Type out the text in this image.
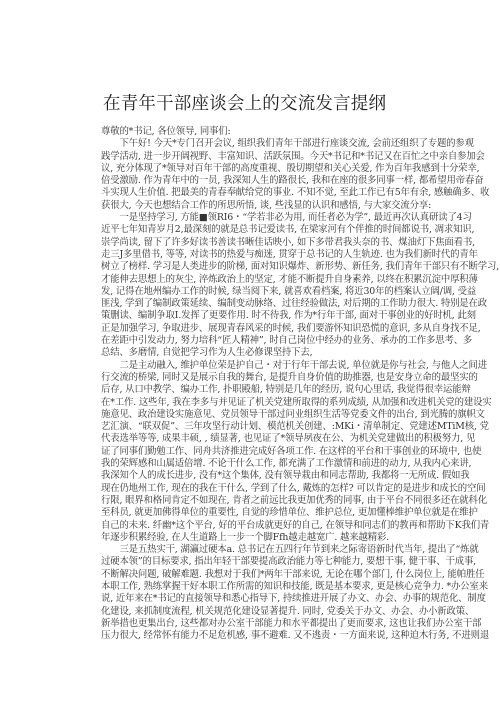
在青年干部座谈会上的交流发言提纲
尊敬的*书记, 各位领导, 同事们:
　　下午好! 今天*专门召开会议, 组织我们青年干部进行座谈交流, 会前还组织了专题的参观
践学活动, 进一步开阔视野、丰富知识、活跃氛围。今天*书记和*书记又在百忙之中亲自参加会
议, 充分体现了*领导对百年干部的高度重视、殷切期望和关心关爱, 作为百年我感到十分荣幸,
倍受激励. 作为青年中的一员, 我深知人生的路很长, 我和在座的很多同事一样, 都希望用帝春奋
斗实现人生价值. 把最美的青春奉献给党的事业. 不知不觉, 至此工作已有5年有余, 感触确多、收
获很大, 今天也想结合工作的所思所悟, 谈, 些浅显的认识和感悟, 与大家交流分享:
　　一是坚持学习, 方能■领RI6・“学若非必为用, 而任者必为学”, 最近再次认真研读了4习
近平七年知青岁月2,最深刻的就是总书记爱读书, 在梁家河有个伴推的时间都说书, 凋求知识,
崇学尚读, 留下了许多好读书善读书晰佳话映小, 如下多带君我头奈的书、煤油灯下焦面看书,
走三J多里借书, 等等, 对读书的热爱与痴迷, 贯穿于总书记的人生轨迹. 也为我们新时代的青年
树立了榜样. 学习是人类进步的阶梯, 面对知识爆炸、新形势、新任务, 我们青年干部只有不断学习,
才能伸去思想上的灰尘, 淬炼政治上的坚定, 才能不断提升自身素养, 以终在积累沉淀中厚积薄
发, 记得在地州编办工作的时候, 绿当阅下来, 就喜欢看档案, 将近30年的档案认立阔/调, 受益
匪浅, 学到了编制政策延续、编制变动脉络、过往经验做法, 对后期的工作助力很大. 特别是在政
策删读、编制争取I.发挥了更要作用. 时不待我, 作为*行年干部, 面对干事创业的好时机, 此刻
正是加强学习, 争取进步、展现青春风采的时候, 我们要游怀知识恐慌的意识, 多从自身找不足,
在差距中引发动力, 努力培科“匠人精神”, 时自己岗位中经办的业务、承办的工作多思考、多
总结、多磨情, 自觉把学习作为人生必修课坚持下去,
　　二是主动融入, 维护单位荣是护自己・对于行年干部去说, 单位就是你与社会, 与他人之间进
行交流的桥梁, 同时又是展示自我的舞台, 是提升自身价值的助推器, 也是安身立命的最坚实的
后存, 从口中教学、编办工作, 扑职殿船, 特别是几年的经历, 说句心里话, 我觉得很幸运能辩
在*工作. 这些年, 我在李多与并见证了机关党建所取得的系列成绩, 从加强和改进机关党的建设实
施意见、政治建设实施意见、党员领导干部过问业组织生活等党委文件的出台, 到光腾的旗帜文
艺汇演、“联双促”、三年攻坚行动计划、模范机关创建、:MKi・清单制定、党建述MTiM核, 党
代表选举等等, 成果丰硕, , 绩显著, 也见证了*领导夙夜在公、为机关党建做出的积极努力, 见
证了同事们勤勉工作、同舟共济推进完成好各项工作. 在这样的平台和干事创业的环境中, 也使
我的荣辉感和山属适倍增. 不论干什么工作, 都充满了工作激情和前进的动力, 从我内心来讲,
我深知个人的成长进步, 没有*这个集体, 没有领导栽由和同志帮助, 我都将一无所成. 假如我
现在仍地州工作, 现在的我在干什么, 学到了什么, 戴炼的怎样? 可以肯定的是进步和成长的空间
行限, 眼界和格同肯定不如现在, 肯者之前远比我更加优秀的同事, 由于平台不同很多还在就科化
至科员, 就更加佛得单位的重要性, 自觉的珍惜单位、维护总位, 更加懂棒维护单位就是在维护
自己的未来. 纤幽*这个平台, 好的平台成就更好的自己, 在领导和同志们的教再和帮助下K我们青
年逐步积累经验, 在人生道路上一步一个脚Ffh越走越宽广. 越来越精彩.
　　三是五热实干, 湖瀛过硬本a. 总书记在五四行年节到来之际寄语新时代当年, 提出了“炼就
过硬本领”的目标要求, 指出年轻干部要提高政治能力等七种能力, 要想干事, 健干事、干成事,
不断解决问题, 破解难题. 我想对于我们*两年干部来说, 无论在哪个部门, 什么岗位上, 能帕胜任
本职工作, 熟练掌握干好本职工作所需的知识和技能, 既是基本要求, 更是核心竞争力. *办公室来
说, 近年来在*书记的直接领导和悉心指导下, 持续推进开展了办文、办会、办事的规范化、制度
化建设, 来抓制度流程, 机关规范化建设显著提升. 同时, 党委关于办文、办会、办小新政策、
新举措也更集出台, 这些都对办公室干部能力和水平都提出了更而要求, 这也让我们办公室干部
压力很大, 经常怀有能力不足危机感, 事不避难. 又不逃责・一方面来说, 这种迫木行务, 不进则退
